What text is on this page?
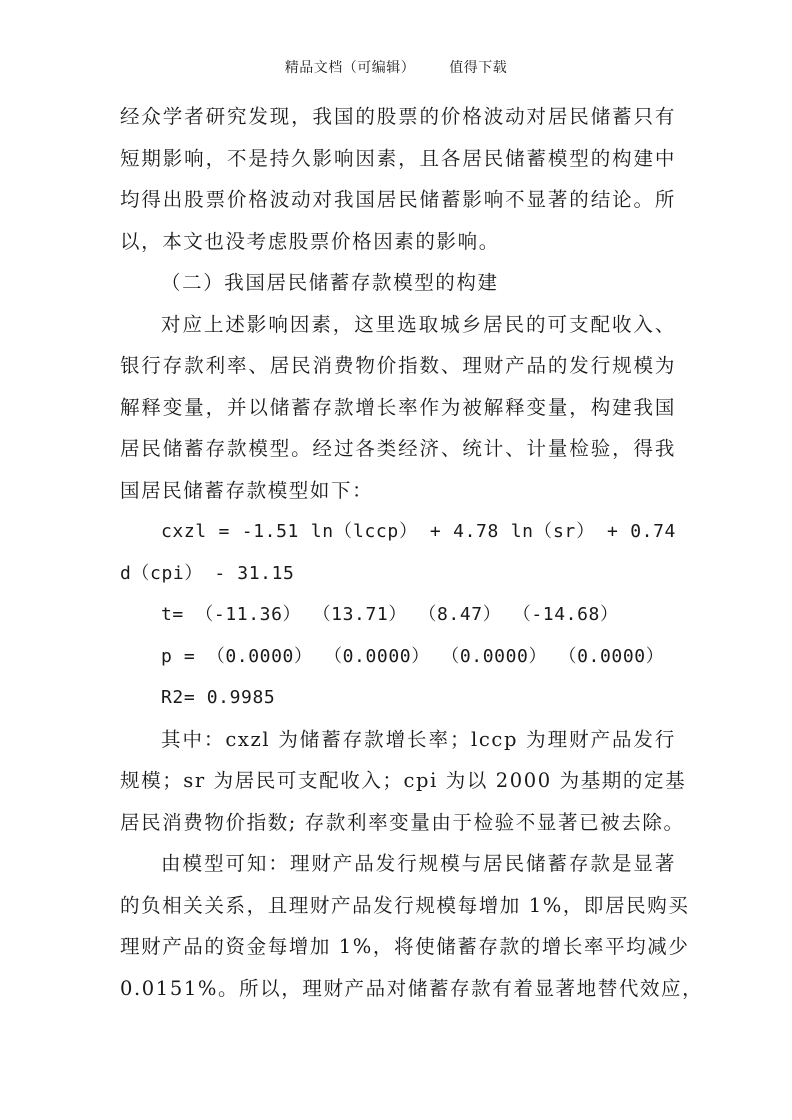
精品文档（可编辑） 值得下载
经众学者研究发现，我国的股票的价格波动对居民储蓄只有
短期影响，不是持久影响因素，且各居民储蓄模型的构建中
均得出股票价格波动对我国居民储蓄影响不显著的结论。所
以，本文也没考虑股票价格因素的影响。
（二）我国居民储蓄存款模型的构建
对应上述影响因素，这里选取城乡居民的可支配收入、
银行存款利率、居民消费物价指数、理财产品的发行规模为
解释变量，并以储蓄存款增长率作为被解释变量，构建我国
居民储蓄存款模型。经过各类经济、统计、计量检验，得我
国居民储蓄存款模型如下：
cxzl = -1.51 ln（lccp） + 4.78 ln（sr） + 0.74
d（cpi） - 31.15
t= （-11.36） （13.71） （8.47） （-14.68）
p = （0.0000） （0.0000） （0.0000） （0.0000）
R2= 0.9985
其中：cxzl 为储蓄存款增长率；lccp 为理财产品发行
规模；sr 为居民可支配收入；cpi 为以 2000 为基期的定基
居民消费物价指数; 存款利率变量由于检验不显著已被去除。
由模型可知：理财产品发行规模与居民储蓄存款是显著
的负相关关系，且理财产品发行规模每增加 1%，即居民购买
理财产品的资金每增加 1%，将使储蓄存款的增长率平均减少
0.0151%。所以，理财产品对储蓄存款有着显著地替代效应，
